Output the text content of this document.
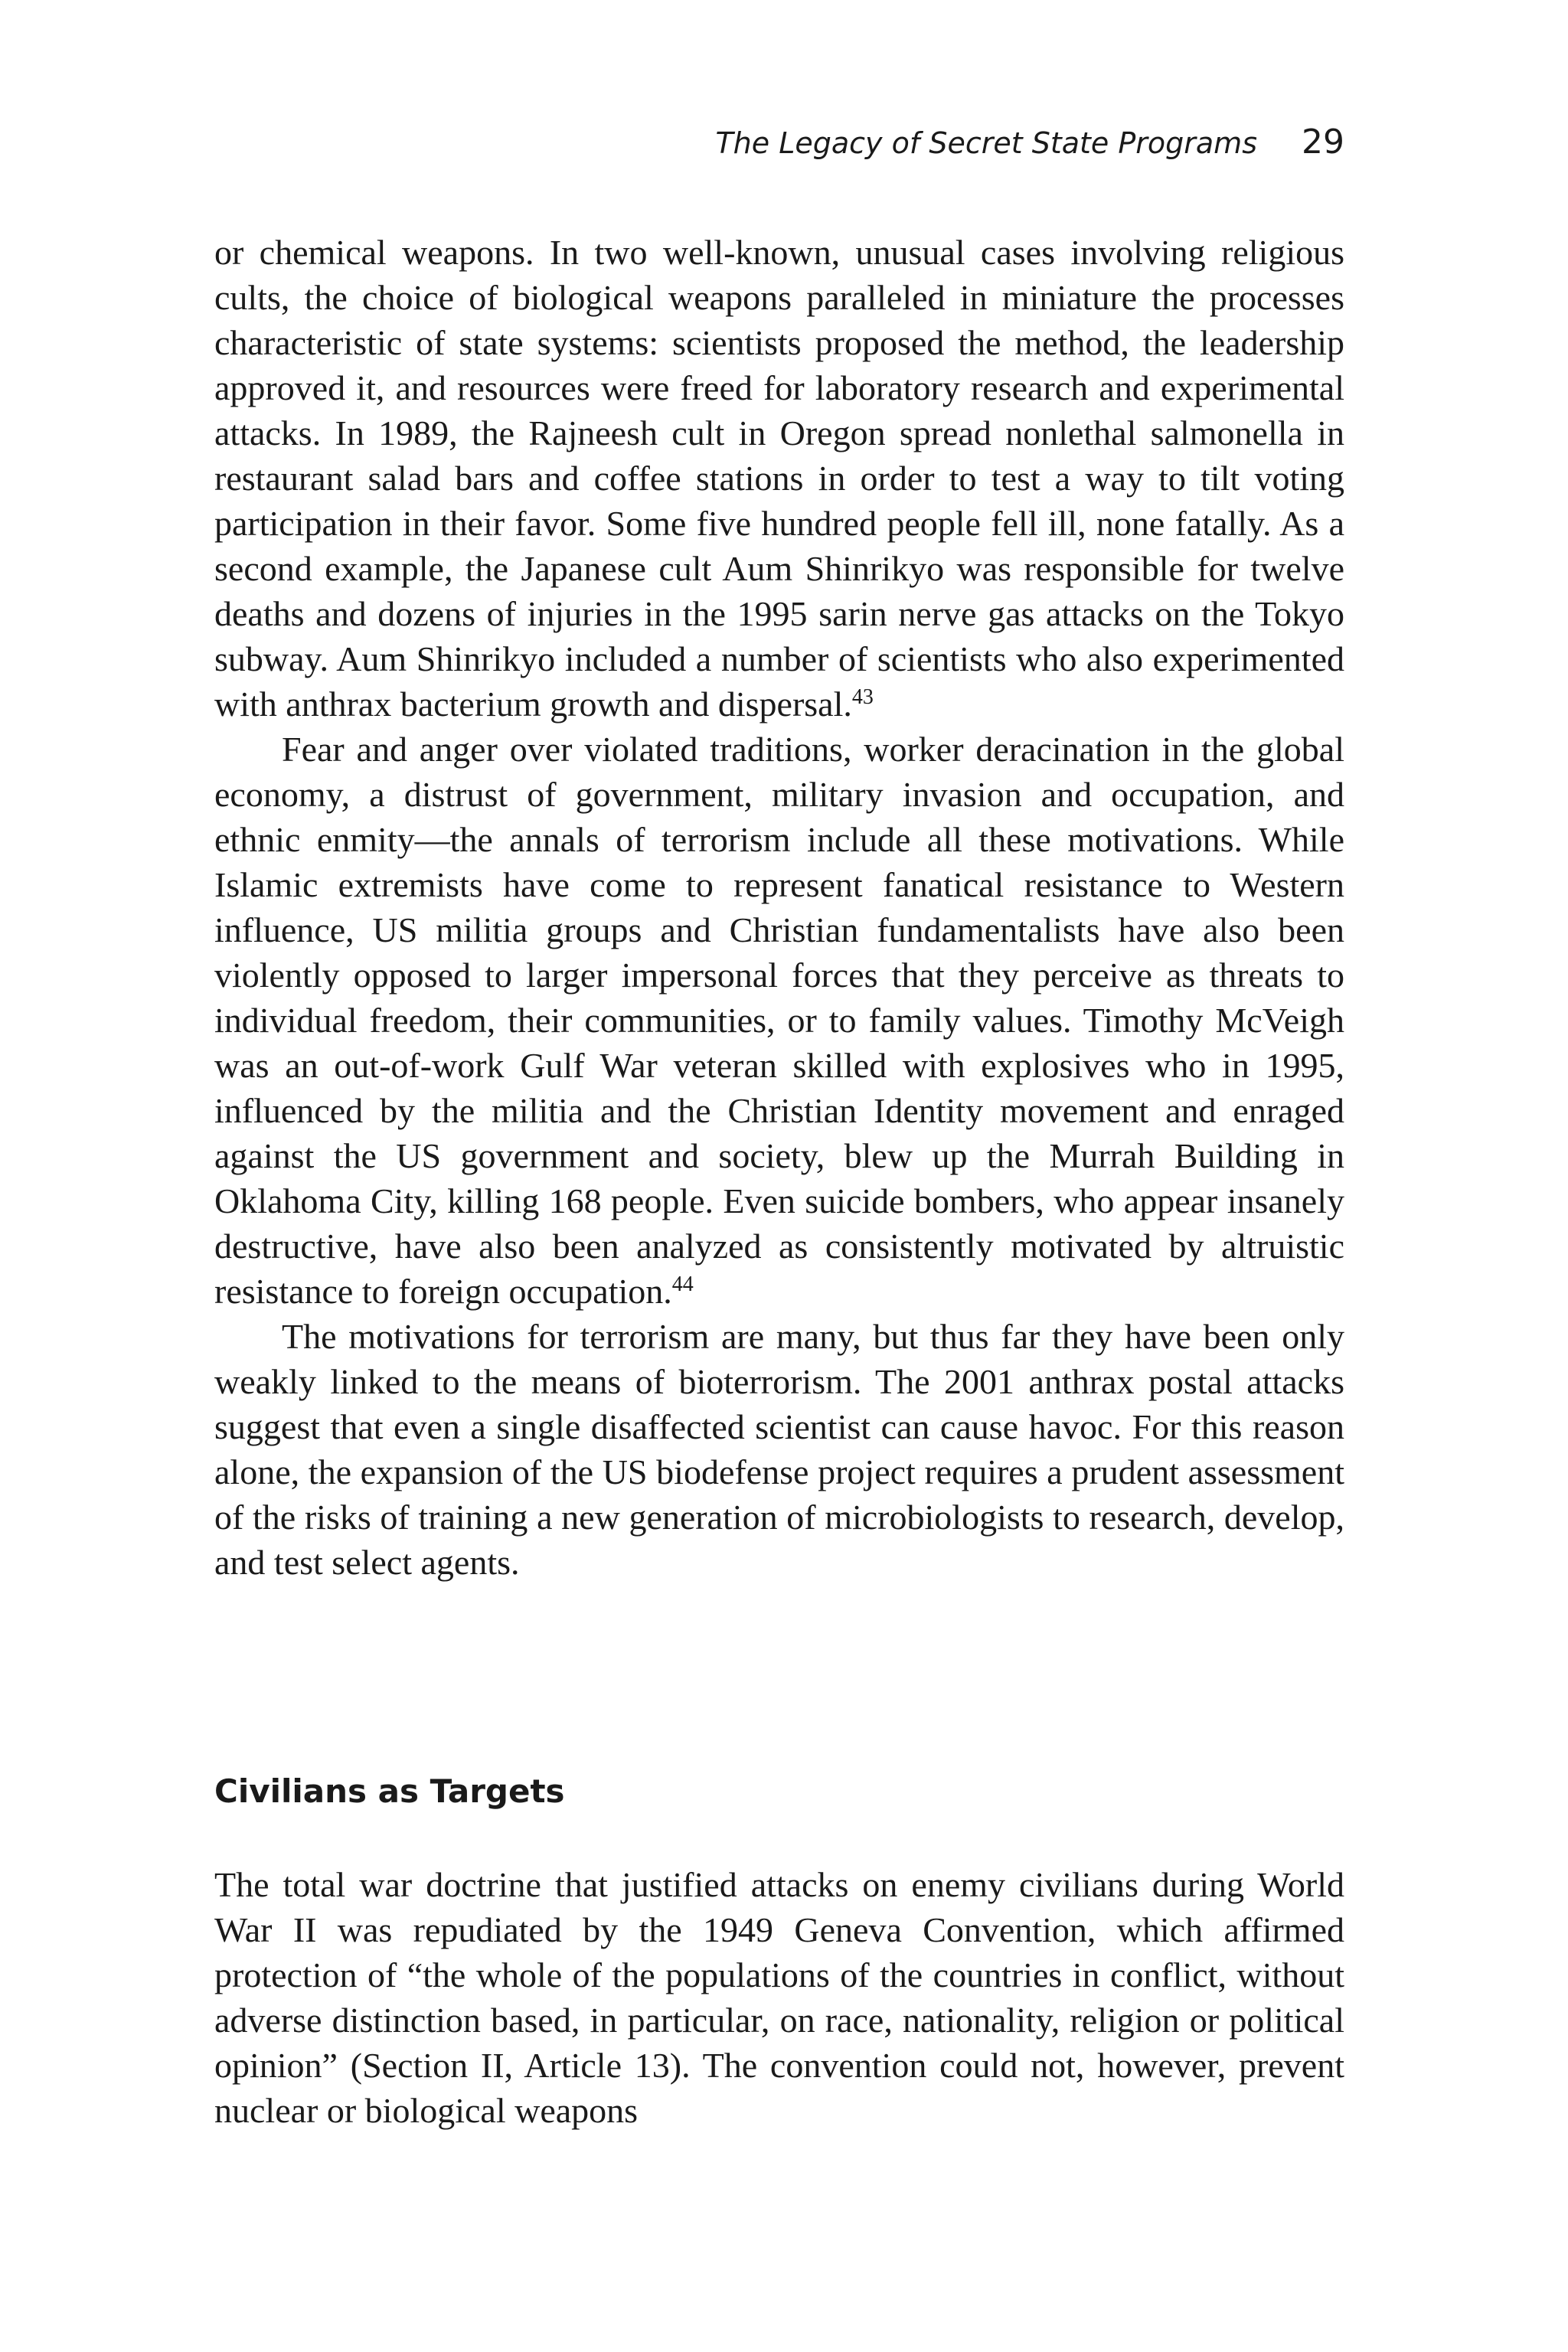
The Legacy of Secret State Programs 29

or chemical weapons. In two well-known, unusual cases involving religious cults, the choice of biological weapons paralleled in miniature the processes characteristic of state systems: scientists proposed the method, the leadership approved it, and resources were freed for laboratory research and experimental attacks. In 1989, the Rajneesh cult in Oregon spread nonlethal salmonella in restaurant salad bars and coffee stations in order to test a way to tilt voting participation in their favor. Some five hundred people fell ill, none fatally. As a second example, the Japanese cult Aum Shinrikyo was responsible for twelve deaths and dozens of injuries in the 1995 sarin nerve gas attacks on the Tokyo subway. Aum Shinrikyo included a number of scientists who also experimented with anthrax bacterium growth and dispersal.$^{43}$

Fear and anger over violated traditions, worker deracination in the global economy, a distrust of government, military invasion and occupation, and ethnic enmity—the annals of terrorism include all these motivations. While Islamic extremists have come to represent fanatical resistance to Western influence, US militia groups and Christian fundamentalists have also been violently opposed to larger impersonal forces that they perceive as threats to individual freedom, their communities, or to family values. Timothy McVeigh was an out-of-work Gulf War veteran skilled with explosives who in 1995, influenced by the militia and the Christian Identity movement and enraged against the US government and society, blew up the Murrah Building in Oklahoma City, killing 168 people. Even suicide bombers, who appear insanely destructive, have also been analyzed as consistently motivated by altruistic resistance to foreign occupation.$^{44}$

The motivations for terrorism are many, but thus far they have been only weakly linked to the means of bioterrorism. The 2001 anthrax postal attacks suggest that even a single disaffected scientist can cause havoc. For this reason alone, the expansion of the US biodefense project requires a prudent assessment of the risks of training a new generation of microbiologists to research, develop, and test select agents.

Civilians as Targets

The total war doctrine that justified attacks on enemy civilians during World War II was repudiated by the 1949 Geneva Convention, which affirmed protection of “the whole of the populations of the countries in conflict, without adverse distinction based, in particular, on race, nationality, religion or political opinion” (Section II, Article 13). The convention could not, however, prevent nuclear or biological weapons
